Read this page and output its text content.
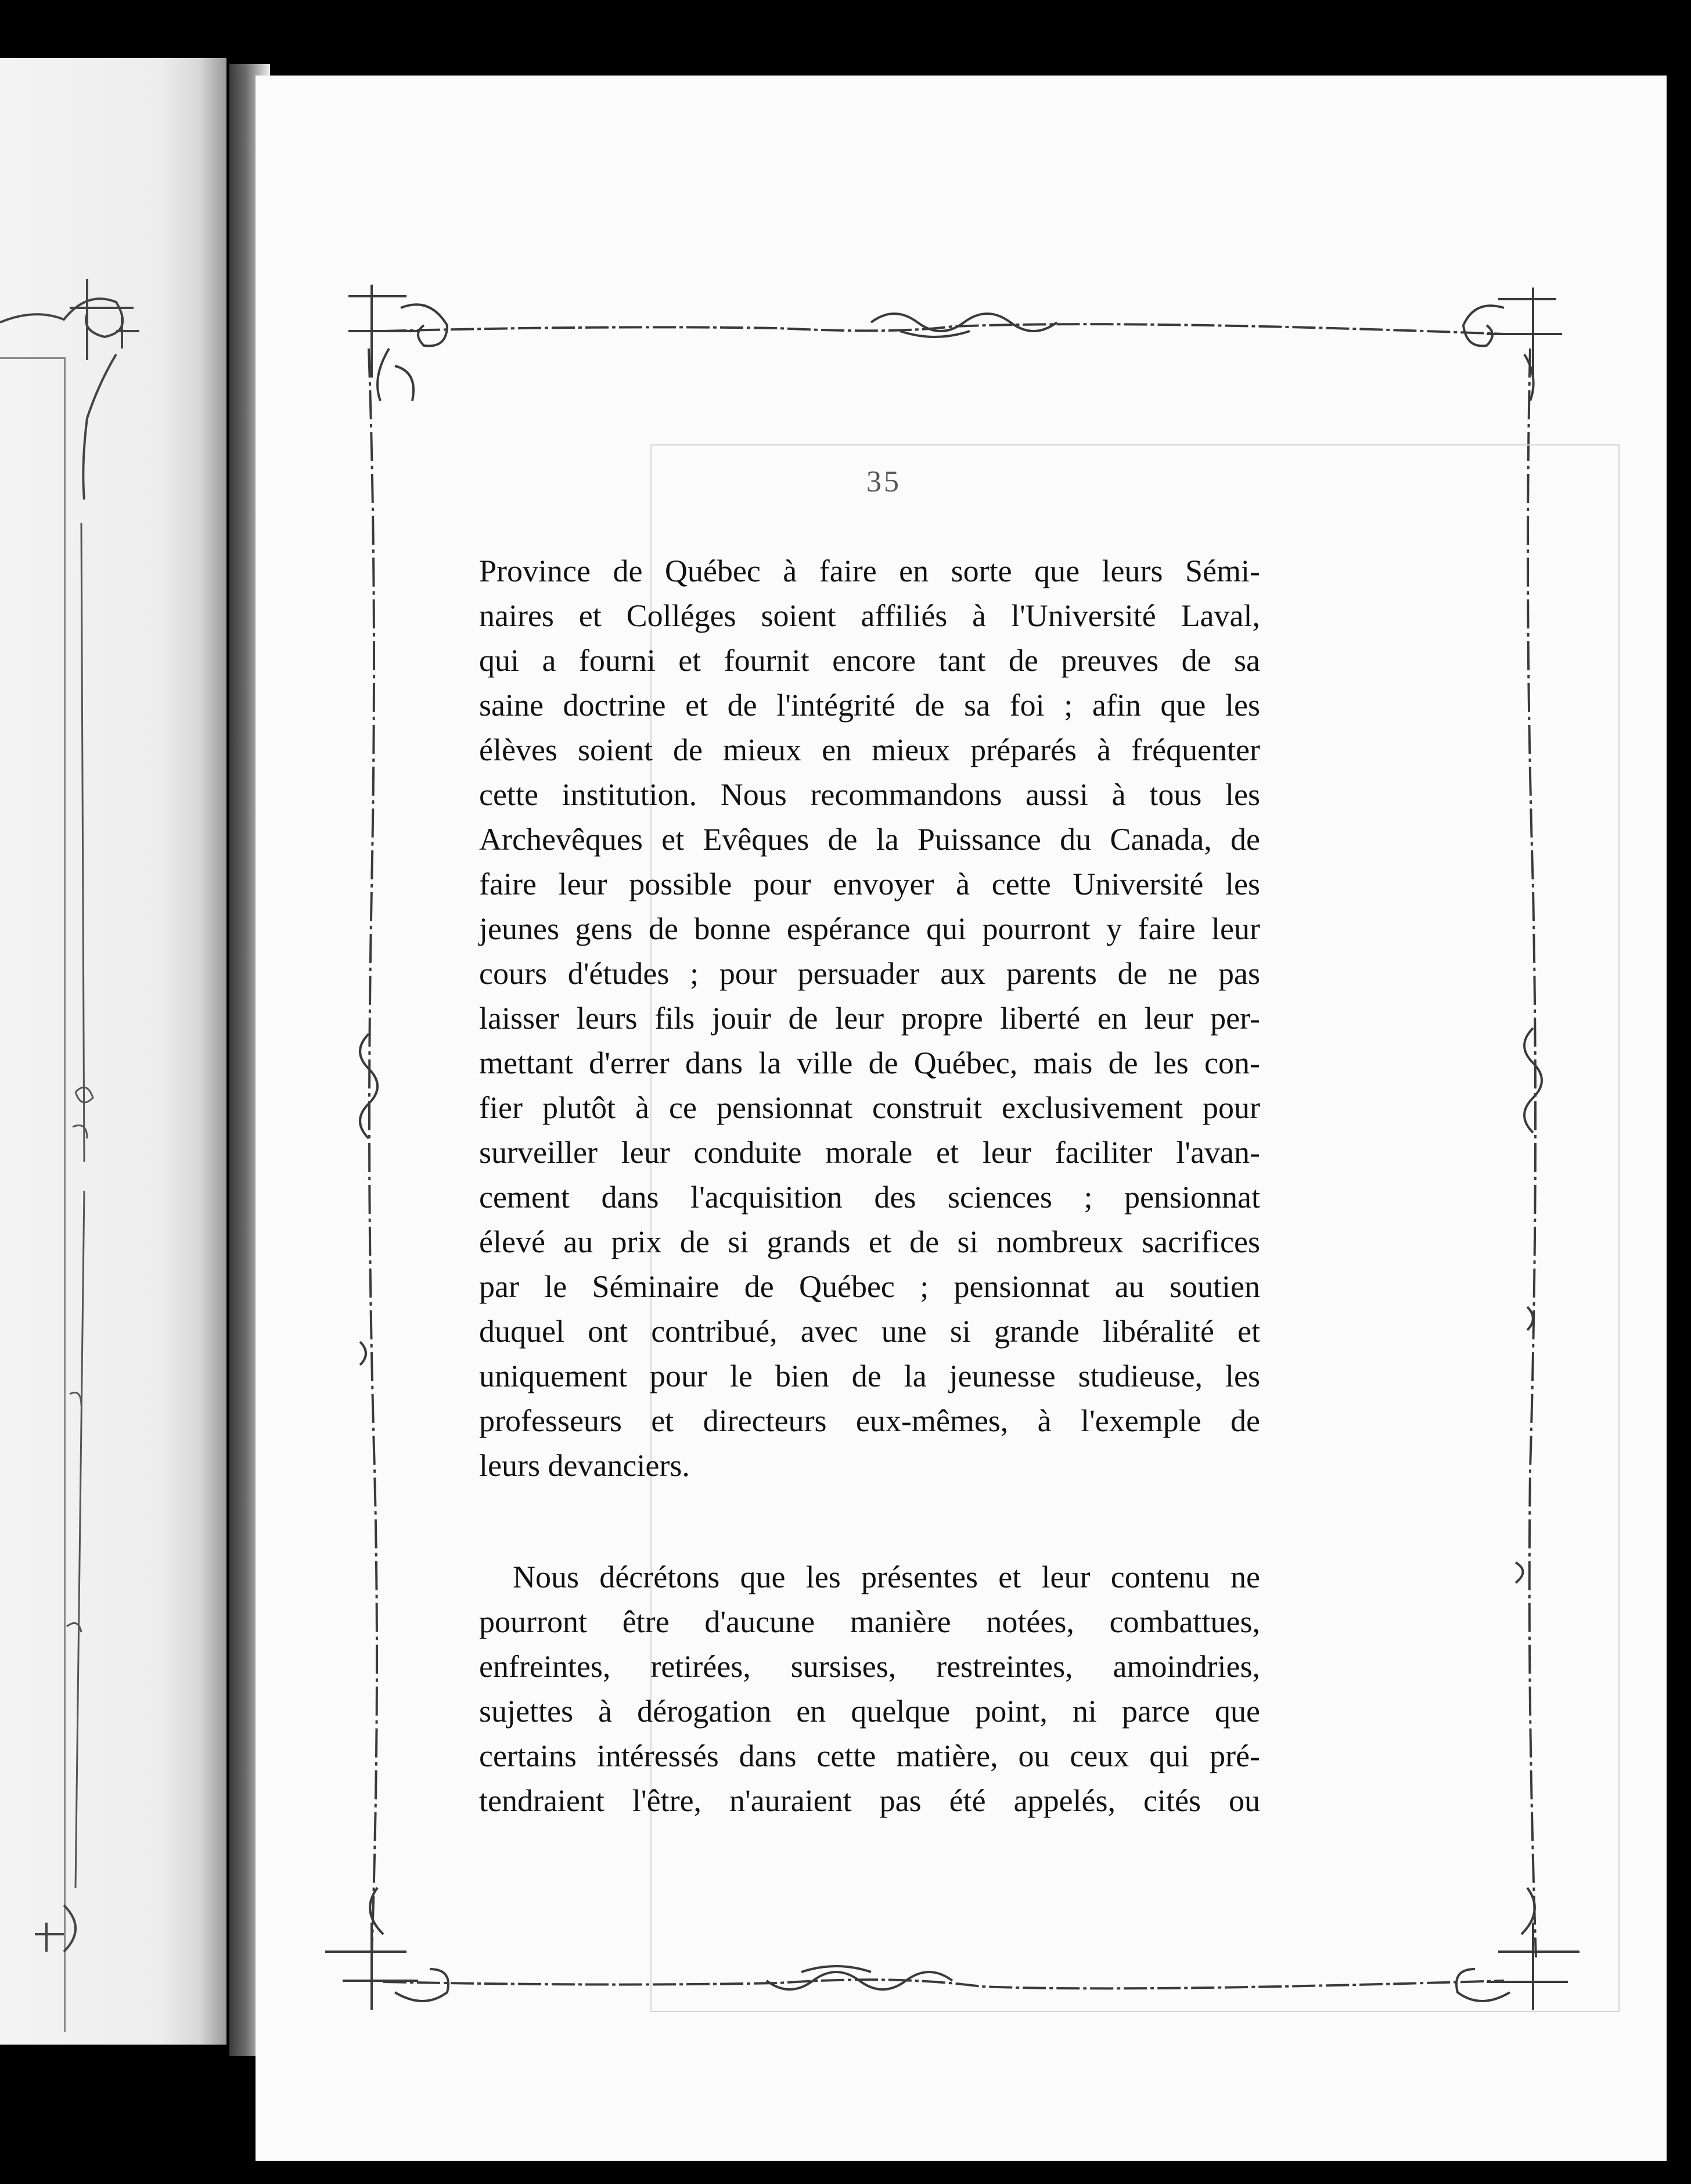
35
Province de Québec à faire en sorte que leurs Sémi-
naires et Colléges soient affiliés à l'Université Laval,
qui a fourni et fournit encore tant de preuves de sa
saine doctrine et de l'intégrité de sa foi ; afin que les
élèves soient de mieux en mieux préparés à fréquenter
cette institution. Nous recommandons aussi à tous les
Archevêques et Evêques de la Puissance du Canada, de
faire leur possible pour envoyer à cette Université les
jeunes gens de bonne espérance qui pourront y faire leur
cours d'études ; pour persuader aux parents de ne pas
laisser leurs fils jouir de leur propre liberté en leur per-
mettant d'errer dans la ville de Québec, mais de les con-
fier plutôt à ce pensionnat construit exclusivement pour
surveiller leur conduite morale et leur faciliter l'avan-
cement dans l'acquisition des sciences ; pensionnat
élevé au prix de si grands et de si nombreux sacrifices
par le Séminaire de Québec ; pensionnat au soutien
duquel ont contribué, avec une si grande libéralité et
uniquement pour le bien de la jeunesse studieuse, les
professeurs et directeurs eux-mêmes, à l'exemple de
leurs devanciers.
Nous décrétons que les présentes et leur contenu ne
pourront être d'aucune manière notées, combattues,
enfreintes, retirées, sursises, restreintes, amoindries,
sujettes à dérogation en quelque point, ni parce que
certains intéressés dans cette matière, ou ceux qui pré-
tendraient l'être, n'auraient pas été appelés, cités ou
